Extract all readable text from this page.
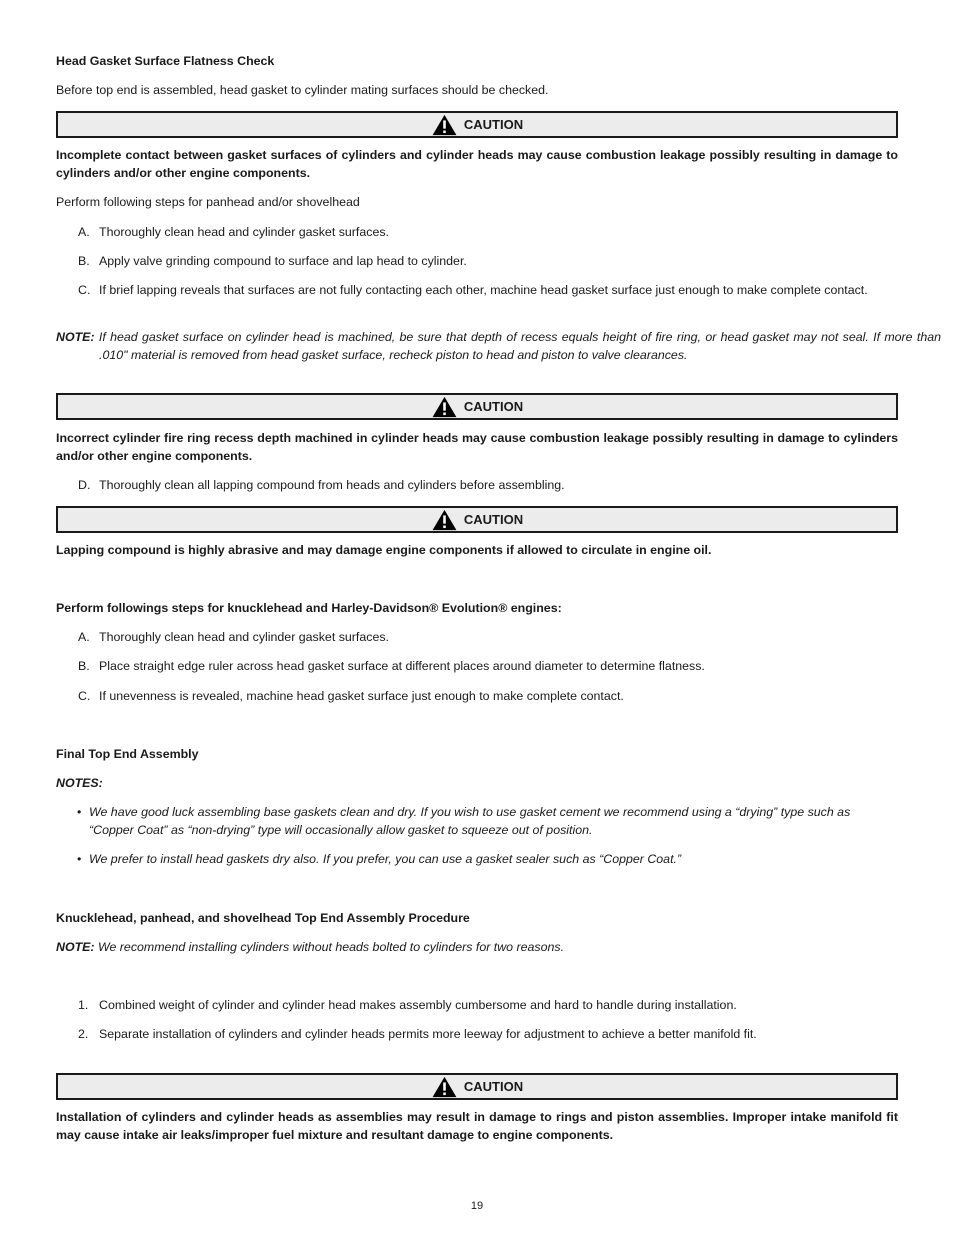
Head Gasket Surface Flatness Check
Before top end is assembled, head gasket to cylinder mating surfaces should be checked.
CAUTION
Incomplete contact between gasket surfaces of cylinders and cylinder heads may cause combustion leakage possibly resulting in damage to cylinders and/or other engine components.
Perform following steps for panhead and/or shovelhead
A. Thoroughly clean head and cylinder gasket surfaces.
B. Apply valve grinding compound to surface and lap head to cylinder.
C. If brief lapping reveals that surfaces are not fully contacting each other, machine head gasket surface just enough to make complete contact.
NOTE: If head gasket surface on cylinder head is machined, be sure that depth of recess equals height of fire ring, or head gasket may not seal. If more than .010" material is removed from head gasket surface, recheck piston to head and piston to valve clearances.
CAUTION
Incorrect cylinder fire ring recess depth machined in cylinder heads may cause combustion leakage possibly resulting in damage to cylinders and/or other engine components.
D. Thoroughly clean all lapping compound from heads and cylinders before assembling.
CAUTION
Lapping compound is highly abrasive and may damage engine components if allowed to circulate in engine oil.
Perform followings steps for knucklehead and Harley-Davidson® Evolution® engines:
A. Thoroughly clean head and cylinder gasket surfaces.
B. Place straight edge ruler across head gasket surface at different places around diameter to determine flatness.
C. If unevenness is revealed, machine head gasket surface just enough to make complete contact.
Final Top End Assembly
NOTES:
• We have good luck assembling base gaskets clean and dry. If you wish to use gasket cement we recommend using a “drying” type such as “Copper Coat” as “non-drying” type will occasionally allow gasket to squeeze out of position.
• We prefer to install head gaskets dry also. If you prefer, you can use a gasket sealer such as “Copper Coat.”
Knucklehead, panhead, and shovelhead Top End Assembly Procedure
NOTE: We recommend installing cylinders without heads bolted to cylinders for two reasons.
1. Combined weight of cylinder and cylinder head makes assembly cumbersome and hard to handle during installation.
2. Separate installation of cylinders and cylinder heads permits more leeway for adjustment to achieve a better manifold fit.
CAUTION
Installation of cylinders and cylinder heads as assemblies may result in damage to rings and piston assemblies. Improper intake manifold fit may cause intake air leaks/improper fuel mixture and resultant damage to engine components.
19
